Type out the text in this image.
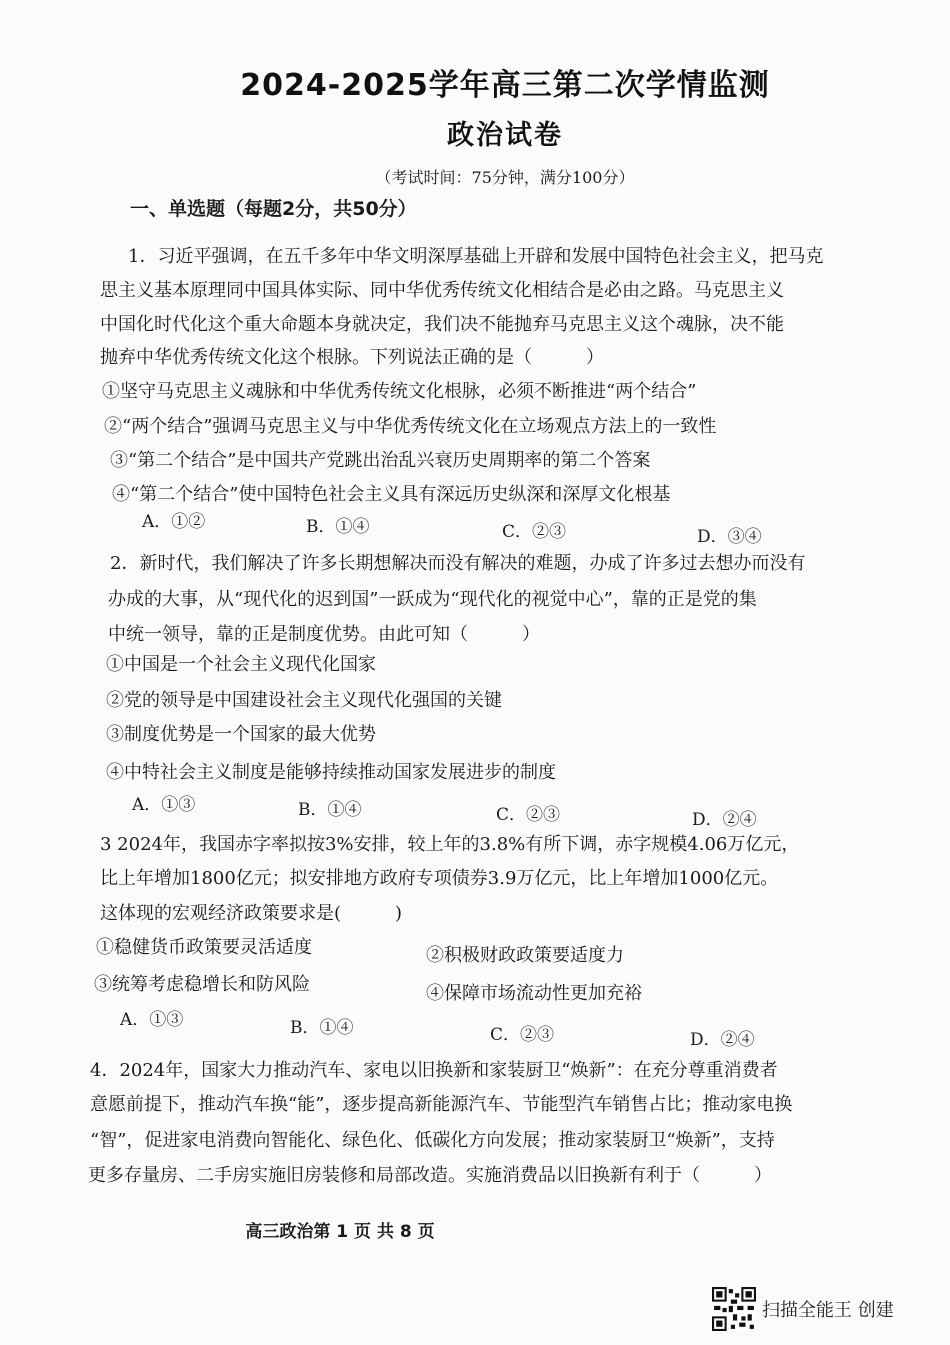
2024-2025学年高三第二次学情监测
政治试卷
（考试时间：75分钟，满分100分）
一、单选题（每题2分，共50分）
1．习近平强调，在五千多年中华文明深厚基础上开辟和发展中国特色社会主义，把马克
思主义基本原理同中国具体实际、同中华优秀传统文化相结合是必由之路。马克思主义
中国化时代化这个重大命题本身就决定，我们决不能抛弃马克思主义这个魂脉，决不能
抛弃中华优秀传统文化这个根脉。下列说法正确的是（　　　）
①坚守马克思主义魂脉和中华优秀传统文化根脉，必须不断推进“两个结合”
②“两个结合”强调马克思主义与中华优秀传统文化在立场观点方法上的一致性
③“第二个结合”是中国共产党跳出治乱兴衰历史周期率的第二个答案
④“第二个结合”使中国特色社会主义具有深远历史纵深和深厚文化根基
A．①②	B．①④	C．②③	D．③④
2．新时代，我们解决了许多长期想解决而没有解决的难题，办成了许多过去想办而没有
办成的大事，从“现代化的迟到国”一跃成为“现代化的视觉中心”，靠的正是党的集
中统一领导，靠的正是制度优势。由此可知（　　　）
①中国是一个社会主义现代化国家
②党的领导是中国建设社会主义现代化强国的关键
③制度优势是一个国家的最大优势
④中特社会主义制度是能够持续推动国家发展进步的制度
A．①③	B．①④	C．②③	D．②④
3 2024年，我国赤字率拟按3%安排，较上年的3.8%有所下调，赤字规模4.06万亿元，
比上年增加1800亿元；拟安排地方政府专项债券3.9万亿元，比上年增加1000亿元。
这体现的宏观经济政策要求是(　　　)
①稳健货币政策要灵活适度	②积极财政政策要适度力
③统筹考虑稳增长和防风险	④保障市场流动性更加充裕
A．①③	B．①④	C．②③	D．②④
4．2024年，国家大力推动汽车、家电以旧换新和家装厨卫“焕新”：在充分尊重消费者
意愿前提下，推动汽车换“能”，逐步提高新能源汽车、节能型汽车销售占比；推动家电换
“智”，促进家电消费向智能化、绿色化、低碳化方向发展；推动家装厨卫“焕新”，支持
更多存量房、二手房实施旧房装修和局部改造。实施消费品以旧换新有利于（　　　）
高三政治第 1 页 共 8 页
扫描全能王 创建
